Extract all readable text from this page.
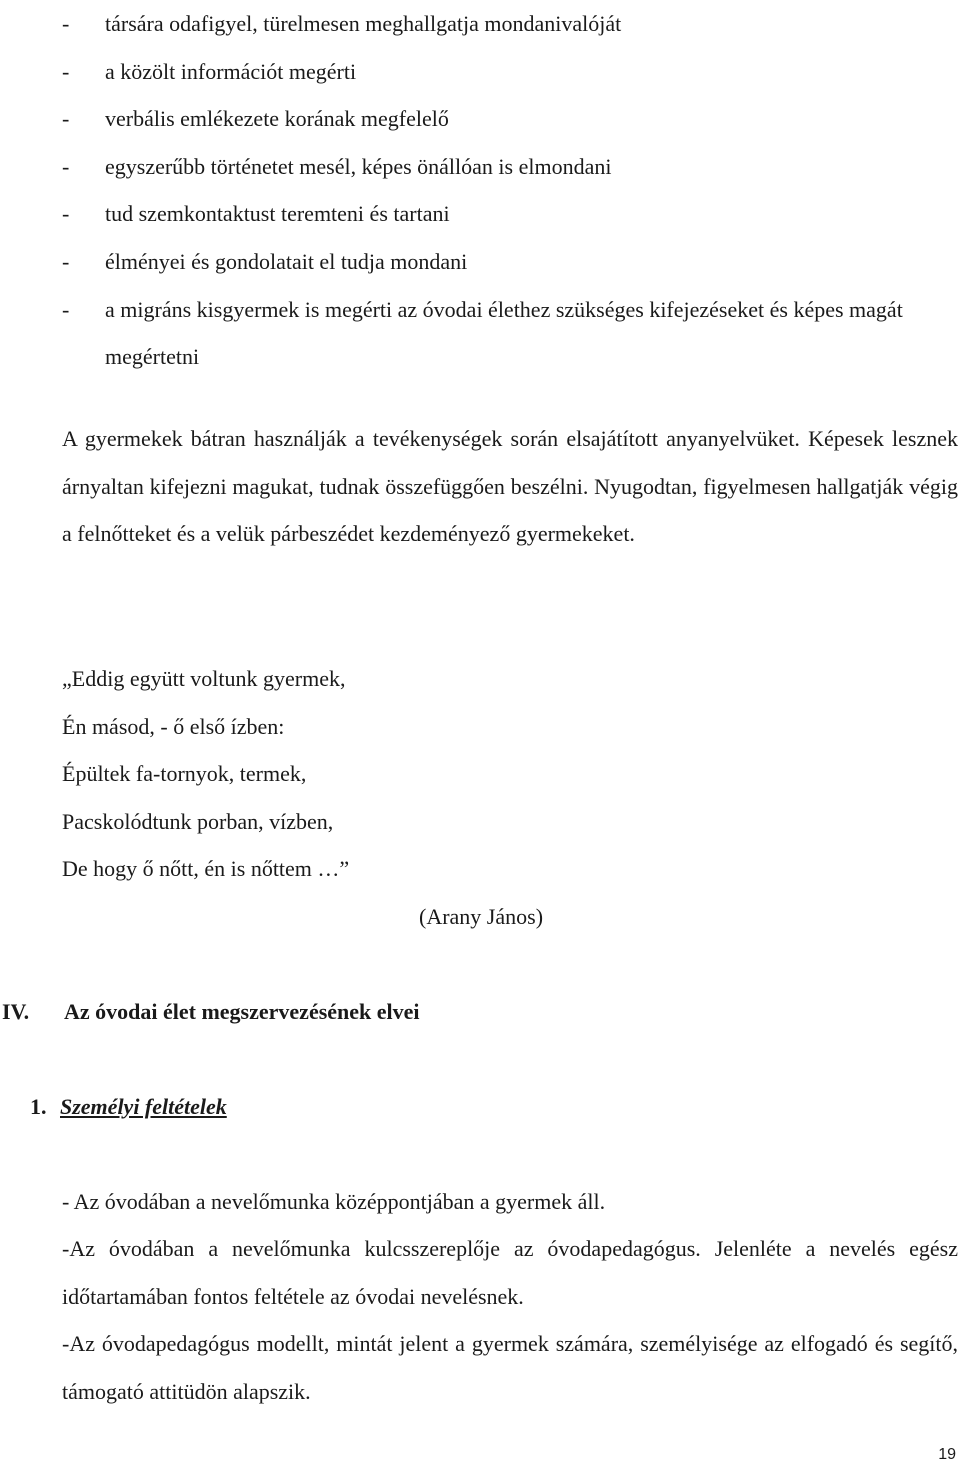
-	társára odafigyel, türelmesen meghallgatja mondanivalóját
-	a közölt információt megérti
-	verbális emlékezete korának megfelelő
-	egyszerűbb történetet mesél, képes önállóan is elmondani
-	tud szemkontaktust teremteni és tartani
-	élményei és gondolatait el tudja mondani
-	a migráns kisgyermek is megérti az óvodai élethez szükséges kifejezéseket és képes magát megértetni

A gyermekek bátran használják a tevékenységek során elsajátított anyanyelvüket. Képesek lesznek árnyaltan kifejezni magukat, tudnak összefüggően beszélni. Nyugodtan, figyelmesen hallgatják végig a felnőtteket és a velük párbeszédet kezdeményező gyermekeket.

„Eddig együtt voltunk gyermek,
Én másod, - ő első ízben:
Épültek fa-tornyok, termek,
Pacskolódtunk porban, vízben,
De hogy ő nőtt, én is nőttem …”
(Arany János)
IV.	Az óvodai élet megszervezésének elvei
1. Személyi feltételek

- Az óvodában a nevelőmunka középpontjában a gyermek áll.

-Az óvodában a nevelőmunka kulcsszereplője az óvodapedagógus. Jelenléte a nevelés egész időtartamában fontos feltétele az óvodai nevelésnek.

-Az óvodapedagógus modellt, mintát jelent a gyermek számára, személyisége az elfogadó és segítő, támogató attitüdön alapszik.

19
